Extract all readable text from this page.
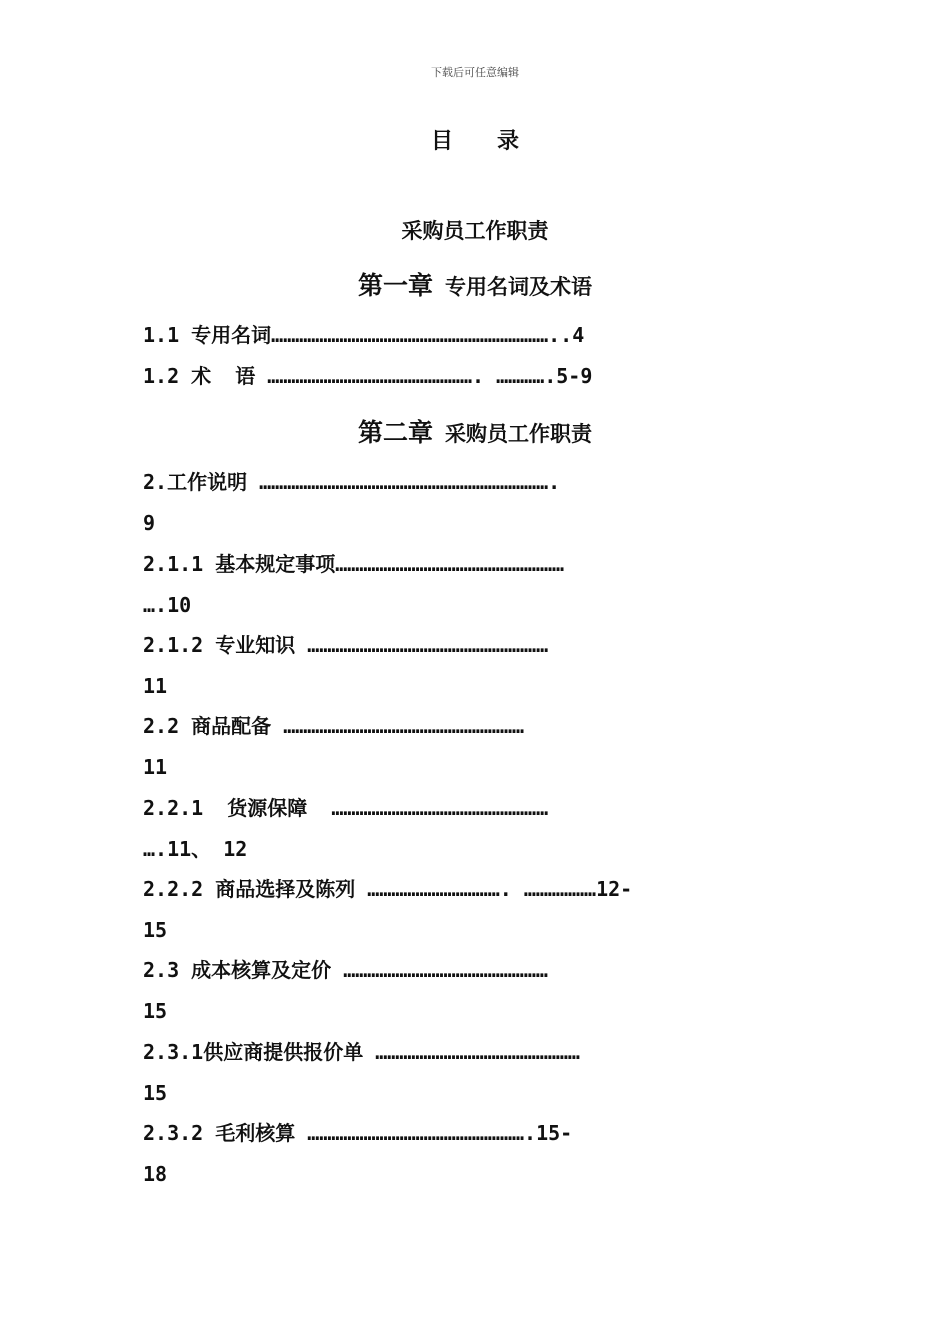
下载后可任意编辑
目　　录
采购员工作职责
第一章 专用名词及术语
1.1 专用名词……………………………………………………………..4
1.2 术  语 ……………………………………………. ………….5-9
第二章 采购员工作职责
2.工作说明 ……………………………………………………………….
9
2.1.1 基本规定事项…………………………………………………
….10
2.1.2 专业知识 ……………………………………………………
11
2.2 商品配备 ……………………………………………………
11
2.2.1  货源保障  ………………………………………………
….11、 12
2.2.2 商品选择及陈列 ……………………………. ………………12-
15
2.3 成本核算及定价 ……………………………………………
15
2.3.1供应商提供报价单 ……………………………………………
15
2.3.2 毛利核算 ……………………………………………….15-
18
